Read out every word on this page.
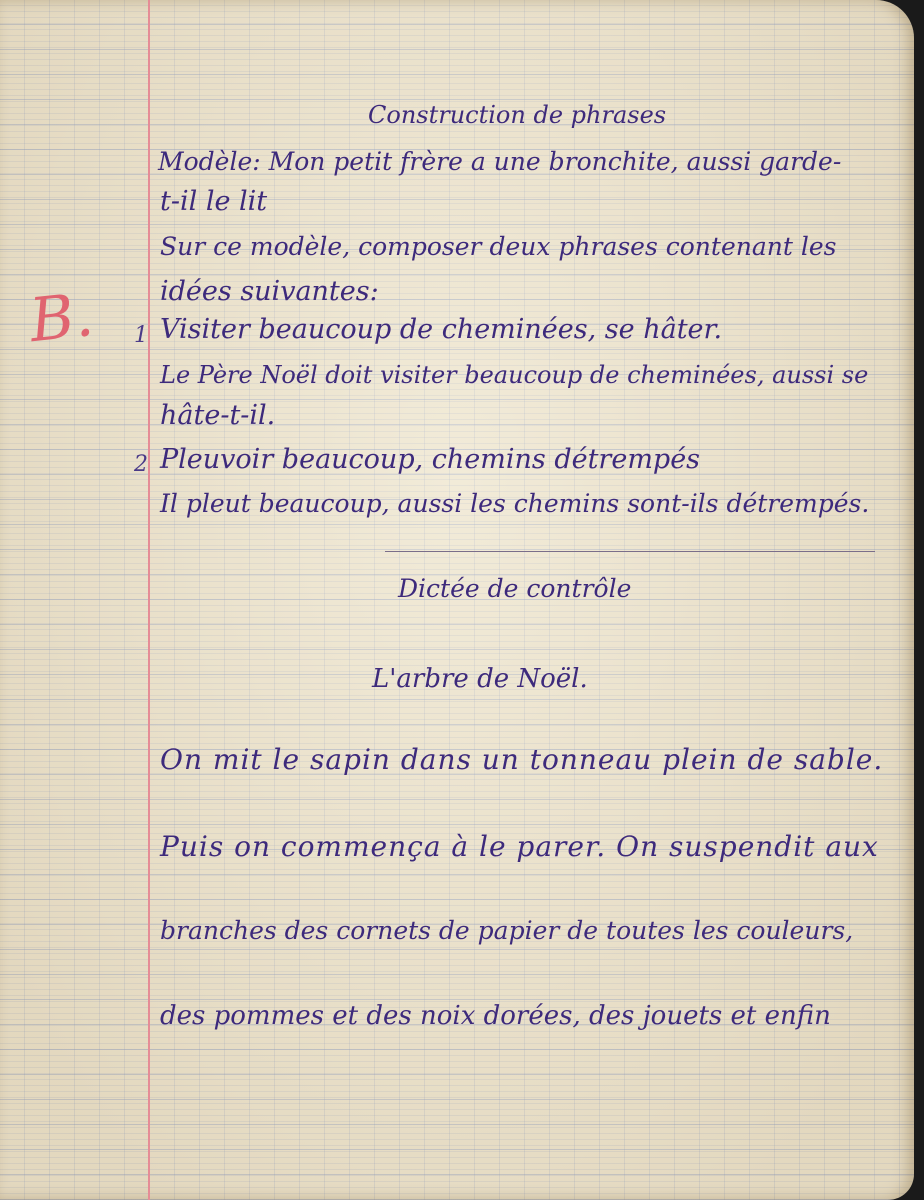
Construction de phrases

Modèle: Mon petit frère a une bronchite, aussi garde-

t-il le lit

Sur ce modèle, composer deux phrases contenant les

idées suivantes:

B. 1 Visiter beaucoup de cheminées, se hâter.

Le Père Noël doit visiter beaucoup de cheminées, aussi se

hâte-t-il.

2 Pleuvoir beaucoup, chemins détrempés

Il pleut beaucoup, aussi les chemins sont-ils détrempés.

Dictée de contrôle

L'arbre de Noël.

On mit le sapin dans un tonneau plein de sable.

Puis on commença à le parer. On suspendit aux

branches des cornets de papier de toutes les couleurs,

des pommes et des noix dorées, des jouets et enfin
